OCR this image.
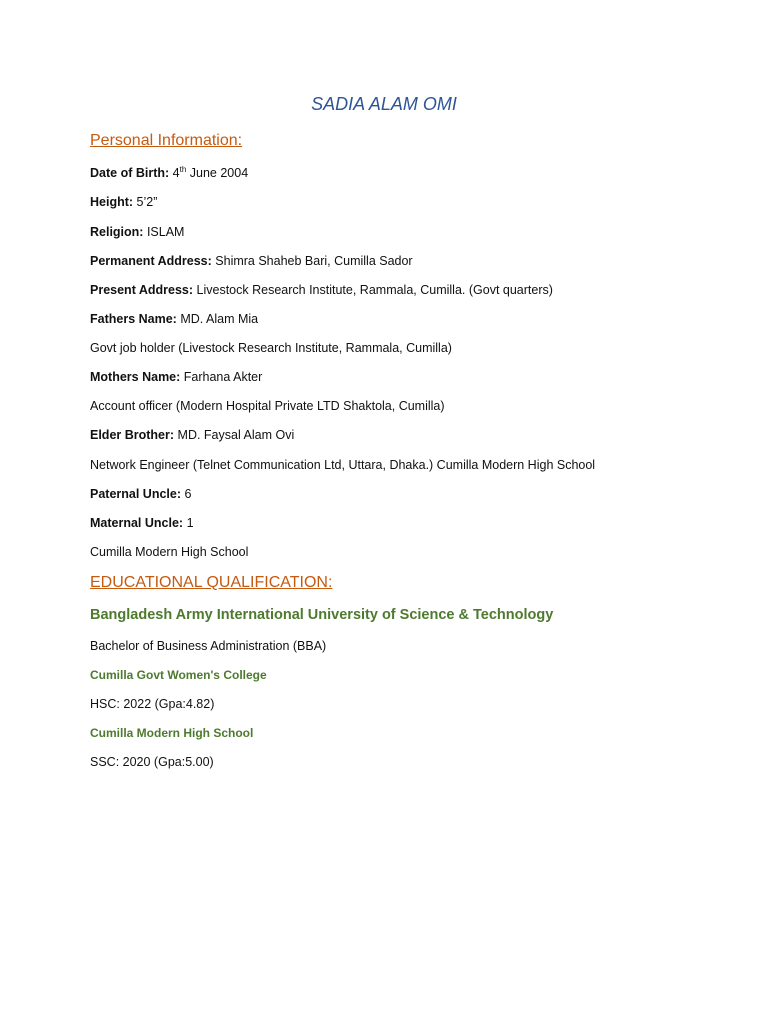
SADIA ALAM OMI
Personal Information:
Date of Birth: 4th June 2004
Height: 5’2”
Religion: ISLAM
Permanent Address: Shimra Shaheb Bari, Cumilla Sador
Present Address: Livestock Research Institute, Rammala, Cumilla. (Govt quarters)
Fathers Name: MD. Alam Mia
Govt job holder (Livestock Research Institute, Rammala, Cumilla)
Mothers Name: Farhana Akter
Account officer (Modern Hospital Private LTD Shaktola, Cumilla)
Elder Brother: MD. Faysal Alam Ovi
Network Engineer (Telnet Communication Ltd, Uttara, Dhaka.) Cumilla Modern High School
Paternal Uncle: 6
Maternal Uncle: 1
Cumilla Modern High School
EDUCATIONAL QUALIFICATION:
Bangladesh Army International University of Science & Technology
Bachelor of Business Administration (BBA)
Cumilla Govt Women's College
HSC: 2022 (Gpa:4.82)
Cumilla Modern High School
SSC: 2020 (Gpa:5.00)
